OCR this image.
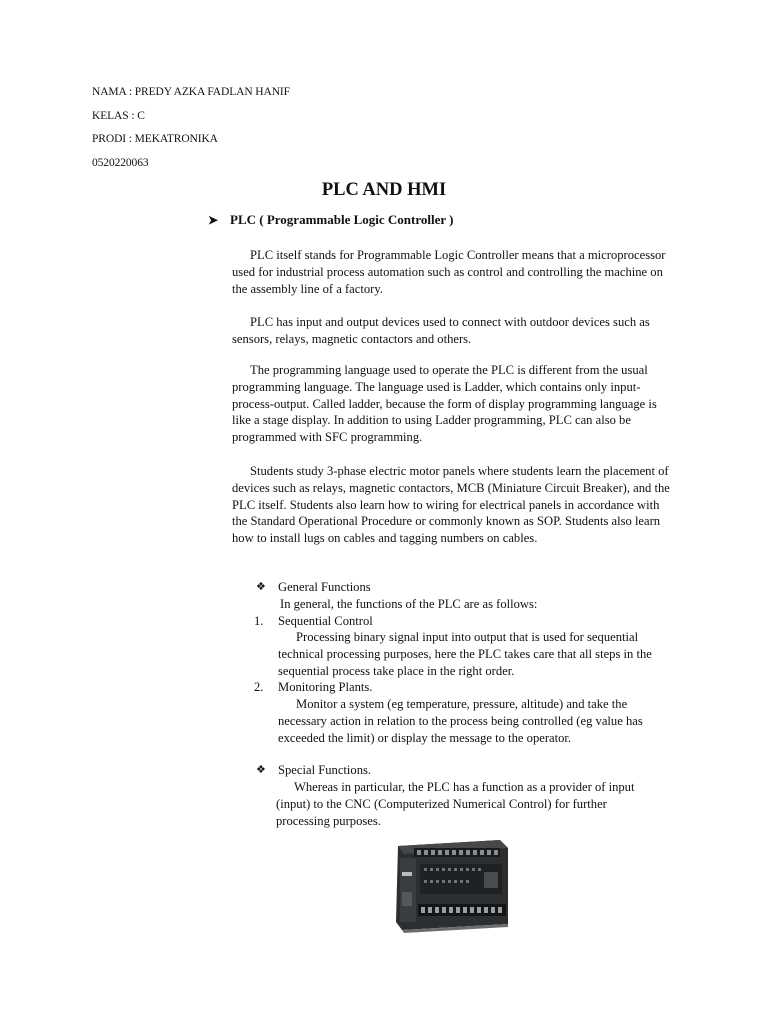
NAMA : PREDY AZKA FADLAN HANIF
KELAS : C
PRODI : MEKATRONIKA
0520220063
PLC AND HMI
➤ PLC ( Programmable Logic Controller )

PLC itself stands for Programmable Logic Controller means that a microprocessor used for industrial process automation such as control and controlling the machine on the assembly line of a factory.

PLC has input and output devices used to connect with outdoor devices such as sensors, relays, magnetic contactors and others.

The programming language used to operate the PLC is different from the usual programming language. The language used is Ladder, which contains only input-process-output. Called ladder, because the form of display programming language is like a stage display. In addition to using Ladder programming, PLC can also be programmed with SFC programming.

Students study 3-phase electric motor panels where students learn the placement of devices such as relays, magnetic contactors, MCB (Miniature Circuit Breaker), and the PLC itself. Students also learn how to wiring for electrical panels in accordance with the Standard Operational Procedure or commonly known as SOP. Students also learn how to install lugs on cables and tagging numbers on cables.

❖ General Functions

In general, the functions of the PLC are as follows:

1.	Sequential Control

Processing binary signal input into output that is used for sequential technical processing purposes, here the PLC takes care that all steps in the sequential process take place in the right order.

2.	Monitoring Plants.

Monitor a system (eg temperature, pressure, altitude) and take the necessary action in relation to the process being controlled (eg value has exceeded the limit) or display the message to the operator.

❖ Special Functions.

Whereas in particular, the PLC has a function as a provider of input (input) to the CNC (Computerized Numerical Control) for further processing purposes.
